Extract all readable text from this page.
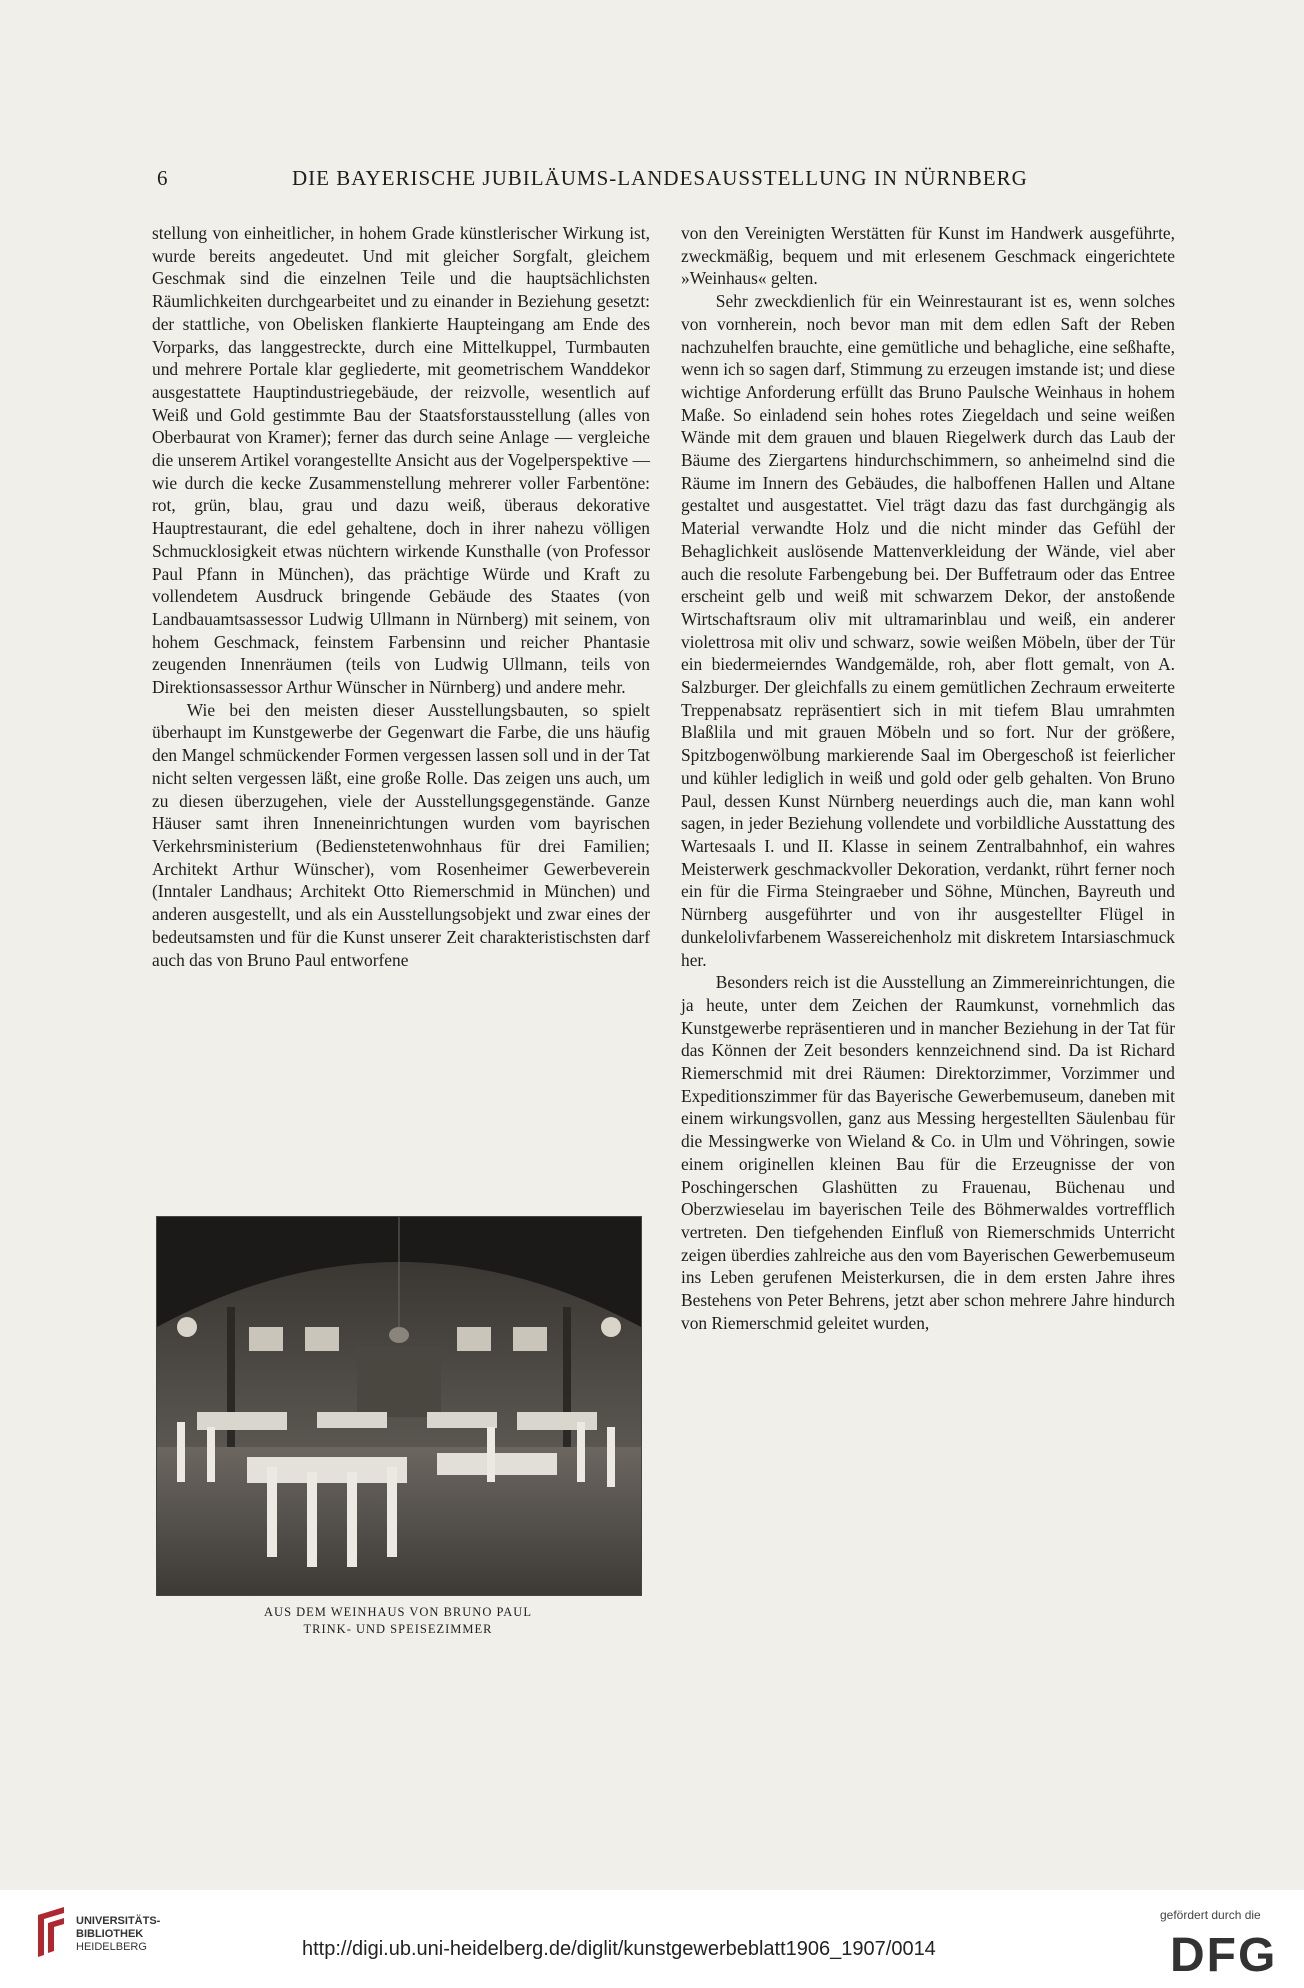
6	DIE BAYERISCHE JUBILÄUMS-LANDESAUSSTELLUNG IN NÜRNBERG

stellung von einheitlicher, in hohem Grade künstlerischer Wirkung ist, wurde bereits angedeutet. Und mit gleicher Sorgfalt, gleichem Geschmak sind die einzelnen Teile und die hauptsächlichsten Räumlichkeiten durchgearbeitet und zu einander in Beziehung gesetzt: der stattliche, von Obelisken flankierte Haupteingang am Ende des Vorparks, das langgestreckte, durch eine Mittelkuppel, Turmbauten und mehrere Portale klar gegliederte, mit geometrischem Wanddekor ausgestattete Hauptindustriegebäude, der reizvolle, wesentlich auf Weiß und Gold gestimmte Bau der Staatsforstausstellung (alles von Oberbaurat von Kramer); ferner das durch seine Anlage — vergleiche die unserem Artikel vorangestellte Ansicht aus der Vogelperspektive — wie durch die kecke Zusammenstellung mehrerer voller Farbentöne: rot, grün, blau, grau und dazu weiß, überaus dekorative Hauptrestaurant, die edel gehaltene, doch in ihrer nahezu völligen Schmucklosigkeit etwas nüchtern wirkende Kunsthalle (von Professor Paul Pfann in München), das prächtige Würde und Kraft zu vollendetem Ausdruck bringende Gebäude des Staates (von Landbauamtsassessor Ludwig Ullmann in Nürnberg) mit seinem, von hohem Geschmack, feinstem Farbensinn und reicher Phantasie zeugenden Innenräumen (teils von Ludwig Ullmann, teils von Direktionsassessor Arthur Wünscher in Nürnberg) und andere mehr.

Wie bei den meisten dieser Ausstellungsbauten, so spielt überhaupt im Kunstgewerbe der Gegenwart die Farbe, die uns häufig den Mangel schmückender Formen vergessen lassen soll und in der Tat nicht selten vergessen läßt, eine große Rolle. Das zeigen uns auch, um zu diesen überzugehen, viele der Ausstellungsgegenstände. Ganze Häuser samt ihren Inneneinrichtungen wurden vom bayrischen Verkehrsministerium (Bedienstetenwohnhaus für drei Familien; Architekt Arthur Wünscher), vom Rosenheimer Gewerbeverein (Inntaler Landhaus; Architekt Otto Riemerschmid in München) und anderen ausgestellt, und als ein Ausstellungsobjekt und zwar eines der bedeutsamsten und für die Kunst unserer Zeit charakteristischsten darf auch das von Bruno Paul entworfene

von den Vereinigten Werstätten für Kunst im Handwerk ausgeführte, zweckmäßig, bequem und mit erlesenem Geschmack eingerichtete »Weinhaus« gelten.

Sehr zweckdienlich für ein Weinrestaurant ist es, wenn solches von vornherein, noch bevor man mit dem edlen Saft der Reben nachzuhelfen brauchte, eine gemütliche und behagliche, eine seßhafte, wenn ich so sagen darf, Stimmung zu erzeugen imstande ist; und diese wichtige Anforderung erfüllt das Bruno Paulsche Weinhaus in hohem Maße. So einladend sein hohes rotes Ziegeldach und seine weißen Wände mit dem grauen und blauen Riegelwerk durch das Laub der Bäume des Ziergartens hindurchschimmern, so anheimelnd sind die Räume im Innern des Gebäudes, die halboffenen Hallen und Altane gestaltet und ausgestattet. Viel trägt dazu das fast durchgängig als Material verwandte Holz und die nicht minder das Gefühl der Behaglichkeit auslösende Mattenverkleidung der Wände, viel aber auch die resolute Farbengebung bei. Der Buffetraum oder das Entree erscheint gelb und weiß mit schwarzem Dekor, der anstoßende Wirtschaftsraum oliv mit ultramarinblau und weiß, ein anderer violettrosa mit oliv und schwarz, sowie weißen Möbeln, über der Tür ein biedermeierndes Wandgemälde, roh, aber flott gemalt, von A. Salzburger. Der gleichfalls zu einem gemütlichen Zechraum erweiterte Treppenabsatz repräsentiert sich in mit tiefem Blau umrahmten Blaßlila und mit grauen Möbeln und so fort. Nur der größere, Spitzbogenwölbung markierende Saal im Obergeschoß ist feierlicher und kühler lediglich in weiß und gold oder gelb gehalten. Von Bruno Paul, dessen Kunst Nürnberg neuerdings auch die, man kann wohl sagen, in jeder Beziehung vollendete und vorbildliche Ausstattung des Wartesaals I. und II. Klasse in seinem Zentralbahnhof, ein wahres Meisterwerk geschmackvoller Dekoration, verdankt, rührt ferner noch ein für die Firma Steingraeber und Söhne, München, Bayreuth und Nürnberg ausgeführter und von ihr ausgestellter Flügel in dunkelolivfarbenem Wassereichenholz mit diskretem Intarsiaschmuck her.

Besonders reich ist die Ausstellung an Zimmereinrichtungen, die ja heute, unter dem Zeichen der Raumkunst, vornehmlich das Kunstgewerbe repräsentieren und in mancher Beziehung in der Tat für das Können der Zeit besonders kennzeichnend sind. Da ist Richard Riemerschmid mit drei Räumen: Direktorzimmer, Vorzimmer und Expeditionszimmer für das Bayerische Gewerbemuseum, daneben mit einem wirkungsvollen, ganz aus Messing hergestellten Säulenbau für die Messingwerke von Wieland & Co. in Ulm und Vöhringen, sowie einem originellen kleinen Bau für die Erzeugnisse der von Poschingerschen Glashütten zu Frauenau, Büchenau und Oberzwieselau im bayerischen Teile des Böhmerwaldes vortrefflich vertreten. Den tiefgehenden Einfluß von Riemerschmids Unterricht zeigen überdies zahlreiche aus den vom Bayerischen Gewerbemuseum ins Leben gerufenen Meisterkursen, die in dem ersten Jahre ihres Bestehens von Peter Behrens, jetzt aber schon mehrere Jahre hindurch von Riemerschmid geleitet wurden,

AUS DEM WEINHAUS VON BRUNO PAUL
TRINK- UND SPEISEZIMMER
UNIVERSITÄTS-
BIBLIOTHEK
HEIDELBERG	http://digi.ub.uni-heidelberg.de/diglit/kunstgewerbeblatt1906_1907/0014
gefördert durch die
DFG
